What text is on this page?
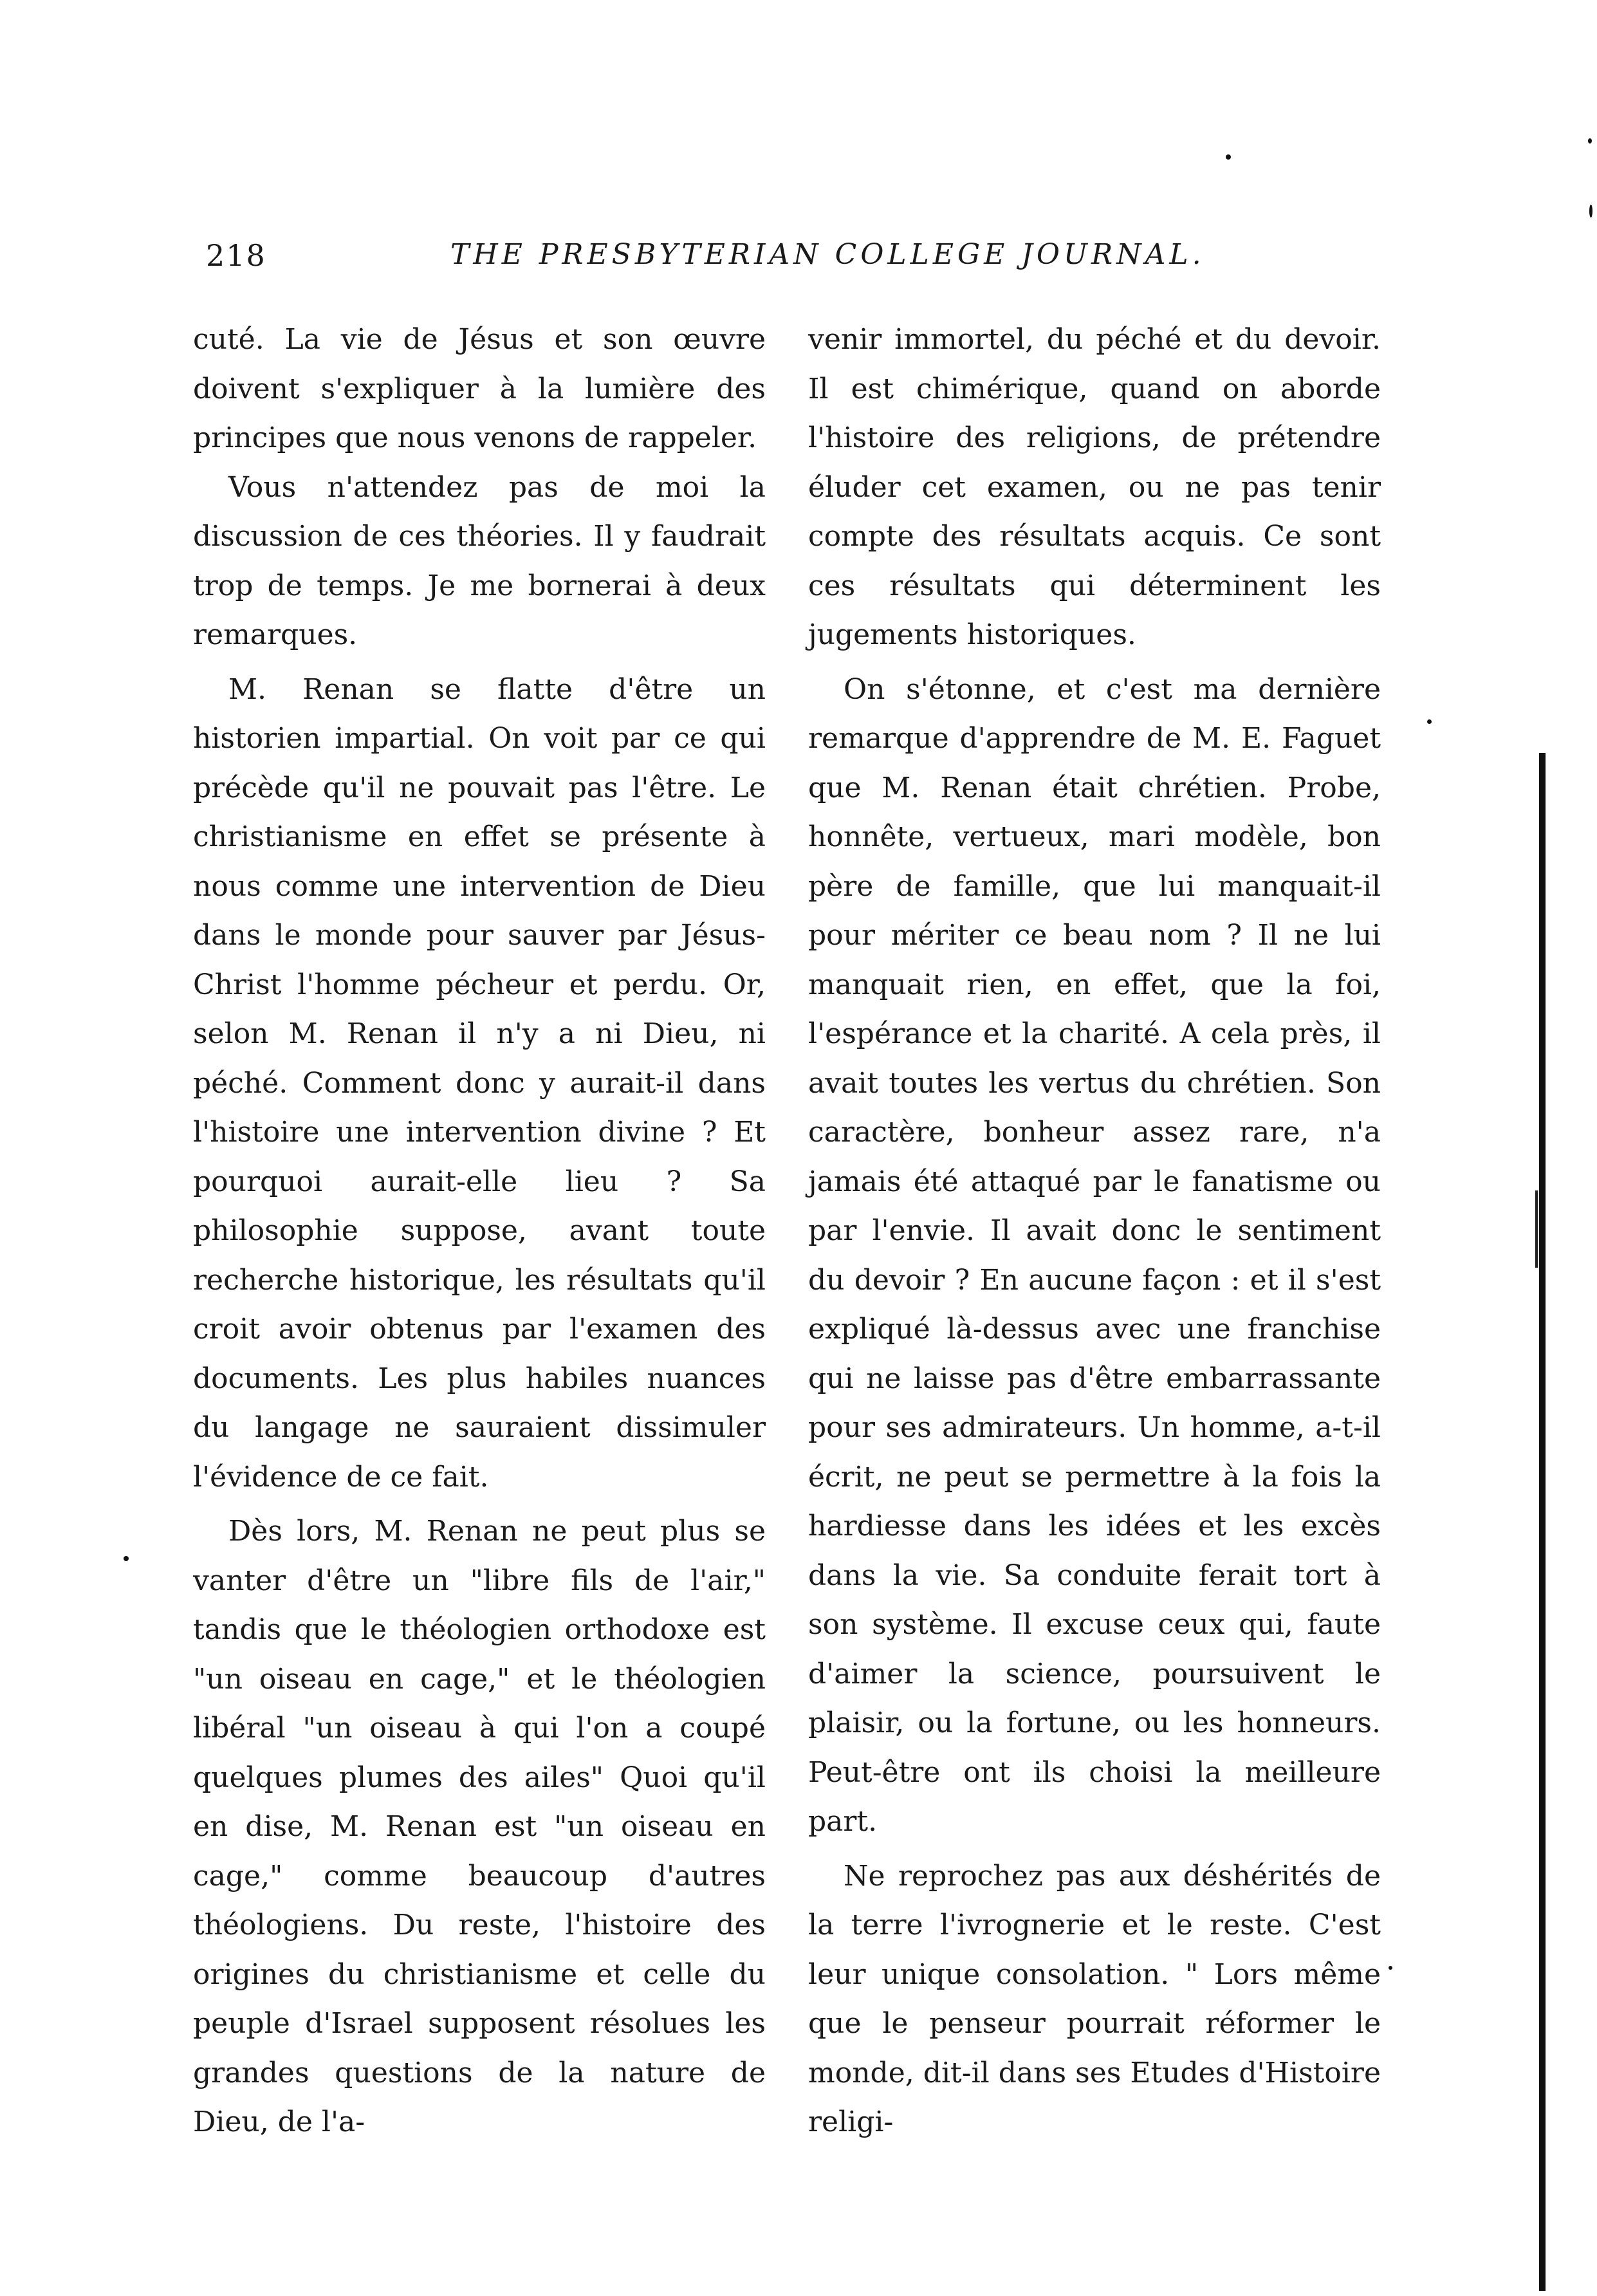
218	THE PRESBYTERIAN COLLEGE JOURNAL.

cuté. La vie de Jésus et son œuvre doivent s'expliquer à la lumière des principes que nous venons de rappeler.

Vous n'attendez pas de moi la discussion de ces théories. Il y faudrait trop de temps. Je me bornerai à deux remarques.

M. Renan se flatte d'être un historien impartial. On voit par ce qui précède qu'il ne pouvait pas l'être. Le christianisme en effet se présente à nous comme une intervention de Dieu dans le monde pour sauver par Jésus-Christ l'homme pécheur et perdu. Or, selon M. Renan il n'y a ni Dieu, ni péché. Comment donc y aurait-il dans l'histoire une intervention divine ? Et pourquoi aurait-elle lieu ? Sa philosophie suppose, avant toute recherche historique, les résultats qu'il croit avoir obtenus par l'examen des documents. Les plus habiles nuances du langage ne sauraient dissimuler l'évidence de ce fait.

Dès lors, M. Renan ne peut plus se vanter d'être un "libre fils de l'air," tandis que le théologien orthodoxe est "un oiseau en cage," et le théologien libéral "un oiseau à qui l'on a coupé quelques plumes des ailes" Quoi qu'il en dise, M. Renan est "un oiseau en cage," comme beaucoup d'autres théologiens. Du reste, l'histoire des origines du christianisme et celle du peuple d'Israel supposent résolues les grandes questions de la nature de Dieu, de l'a-

venir immortel, du péché et du devoir. Il est chimérique, quand on aborde l'histoire des religions, de prétendre éluder cet examen, ou ne pas tenir compte des résultats acquis. Ce sont ces résultats qui déterminent les jugements historiques.

On s'étonne, et c'est ma dernière remarque d'apprendre de M. E. Faguet que M. Renan était chrétien. Probe, honnête, vertueux, mari modèle, bon père de famille, que lui manquait-il pour mériter ce beau nom ? Il ne lui manquait rien, en effet, que la foi, l'espérance et la charité. A cela près, il avait toutes les vertus du chrétien. Son caractère, bonheur assez rare, n'a jamais été attaqué par le fanatisme ou par l'envie. Il avait donc le sentiment du devoir ? En aucune façon : et il s'est expliqué là-dessus avec une franchise qui ne laisse pas d'être embarrassante pour ses admirateurs. Un homme, a-t-il écrit, ne peut se permettre à la fois la hardiesse dans les idées et les excès dans la vie. Sa conduite ferait tort à son système. Il excuse ceux qui, faute d'aimer la science, poursuivent le plaisir, ou la fortune, ou les honneurs. Peut-être ont ils choisi la meilleure part.

Ne reprochez pas aux déshérités de la terre l'ivrognerie et le reste. C'est leur unique consolation. " Lors même que le penseur pourrait réformer le monde, dit-il dans ses Etudes d'Histoire religi-
